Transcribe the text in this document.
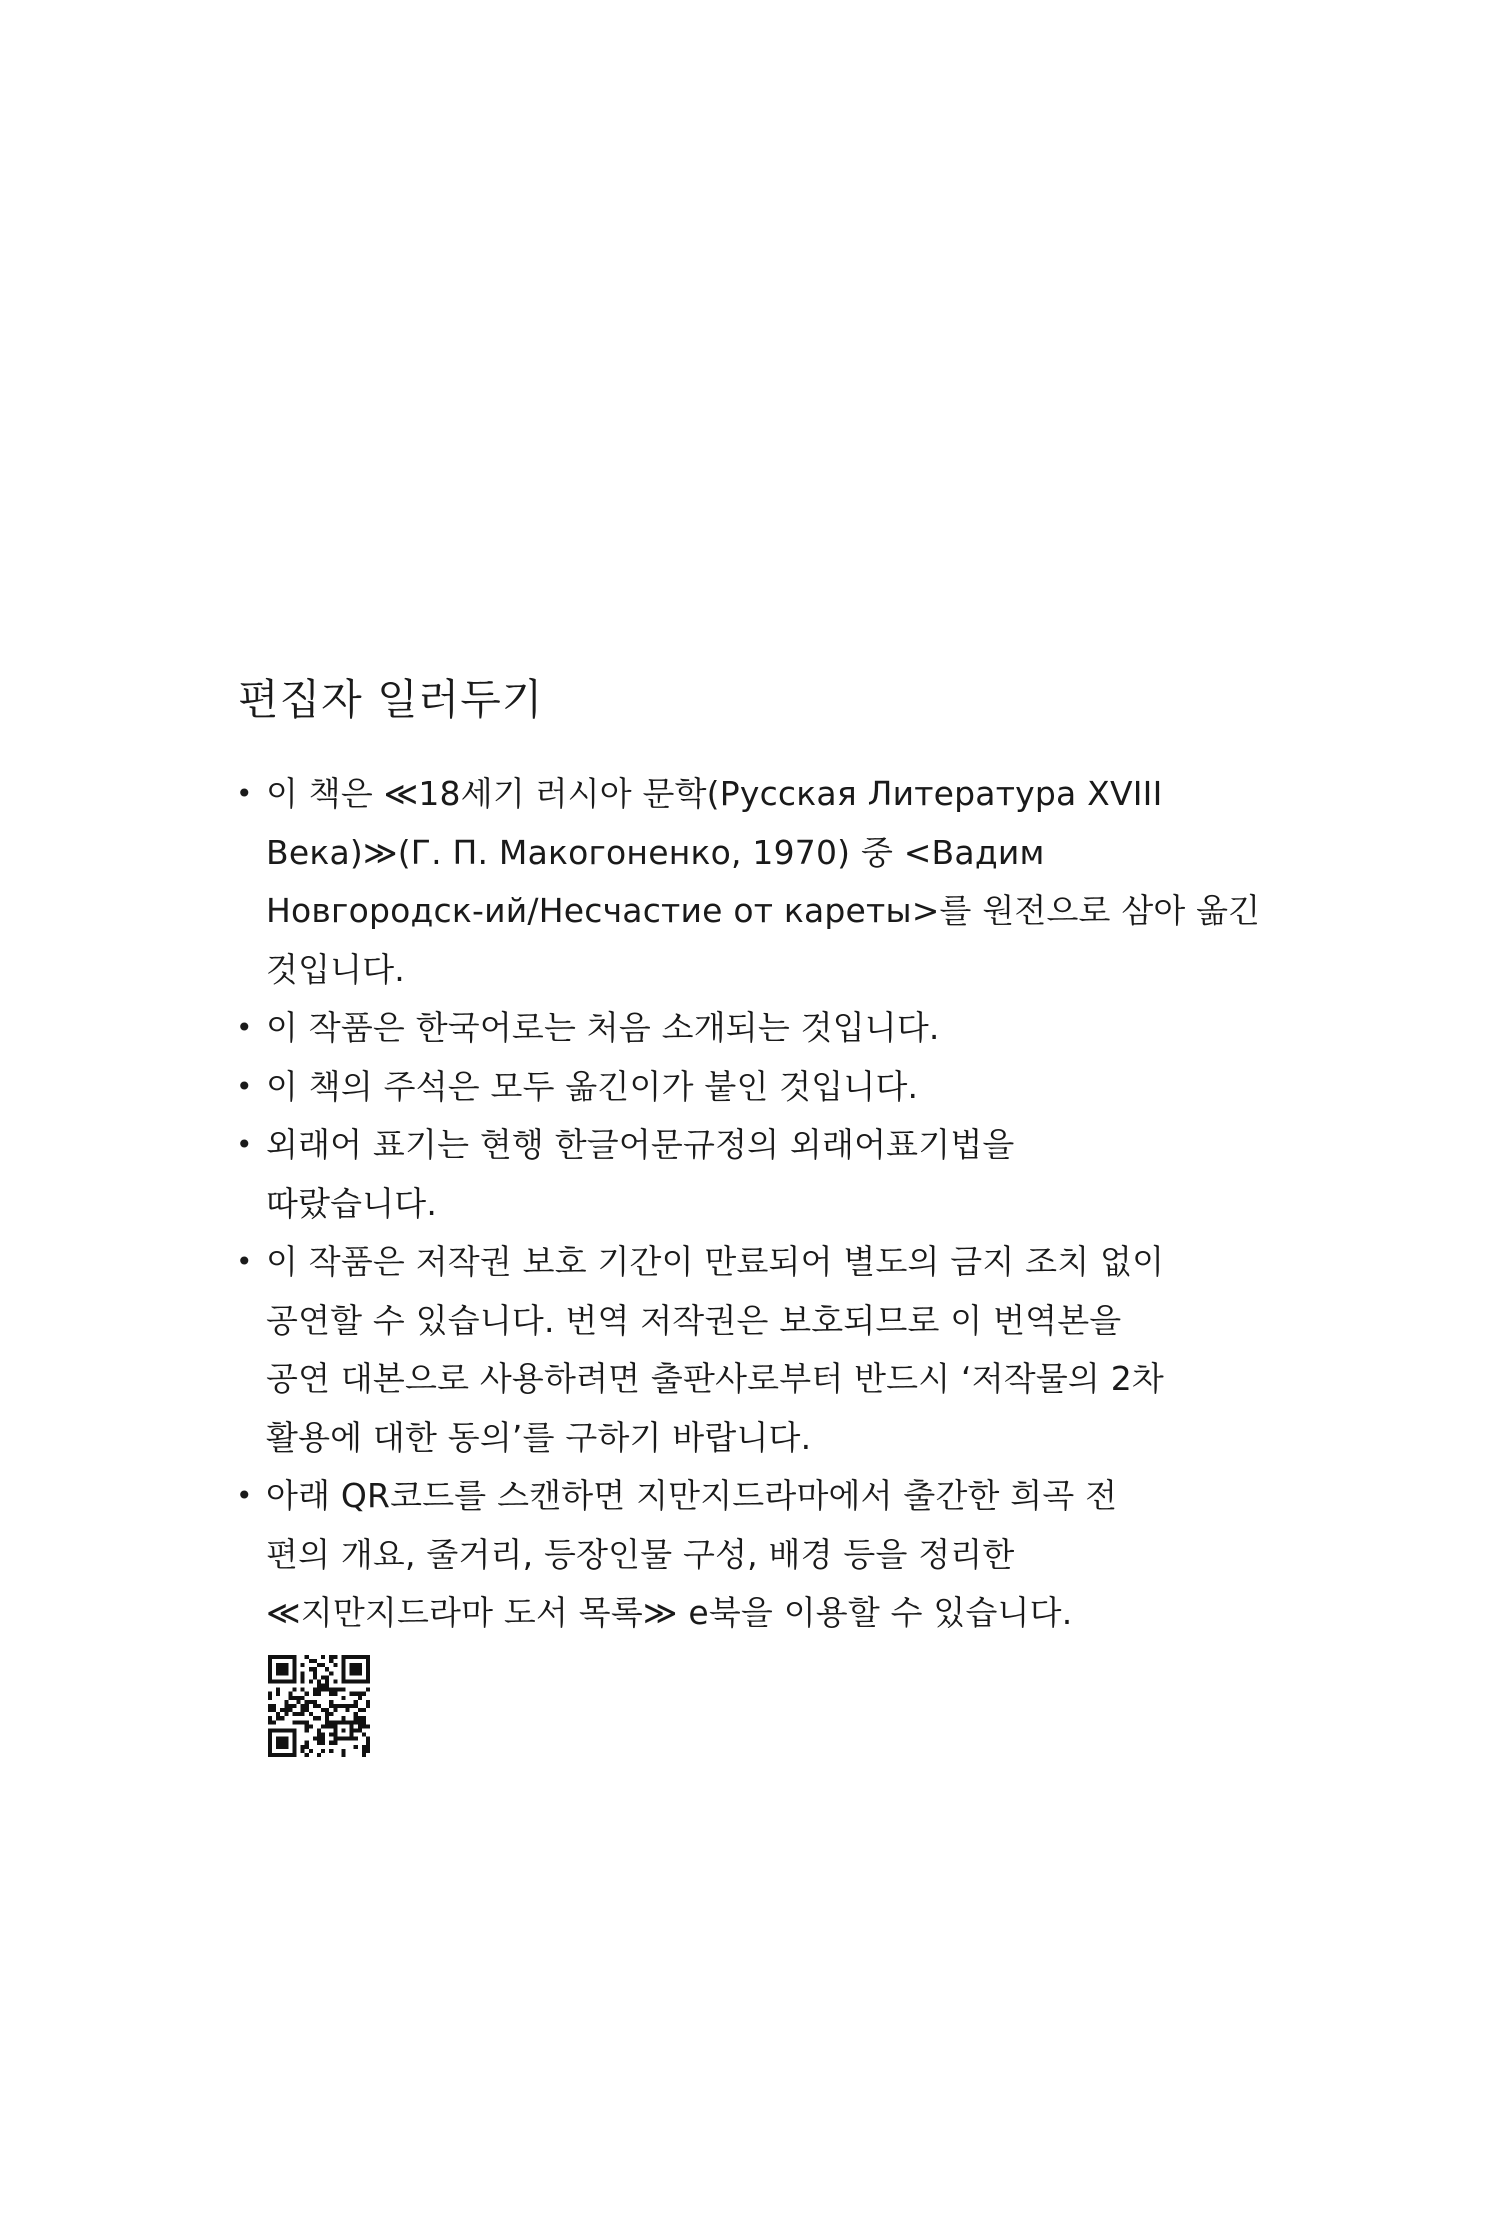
편집자 일러두기
• 이 책은 ≪18세기 러시아 문학(Русская Литература XVIII
Века)≫(Г. П. Макогоненко, 1970) 중 <Вадим
Новгородск-ий/Несчастие от кареты>를 원전으로 삼아 옮긴
것입니다.
• 이 작품은 한국어로는 처음 소개되는 것입니다.
• 이 책의 주석은 모두 옮긴이가 붙인 것입니다.
• 외래어 표기는 현행 한글어문규정의 외래어표기법을
따랐습니다.
• 이 작품은 저작권 보호 기간이 만료되어 별도의 금지 조치 없이
공연할 수 있습니다. 번역 저작권은 보호되므로 이 번역본을
공연 대본으로 사용하려면 출판사로부터 반드시 ‘저작물의 2차
활용에 대한 동의’를 구하기 바랍니다.
• 아래 QR코드를 스캔하면 지만지드라마에서 출간한 희곡 전
편의 개요, 줄거리, 등장인물 구성, 배경 등을 정리한
≪지만지드라마 도서 목록≫ e북을 이용할 수 있습니다.
